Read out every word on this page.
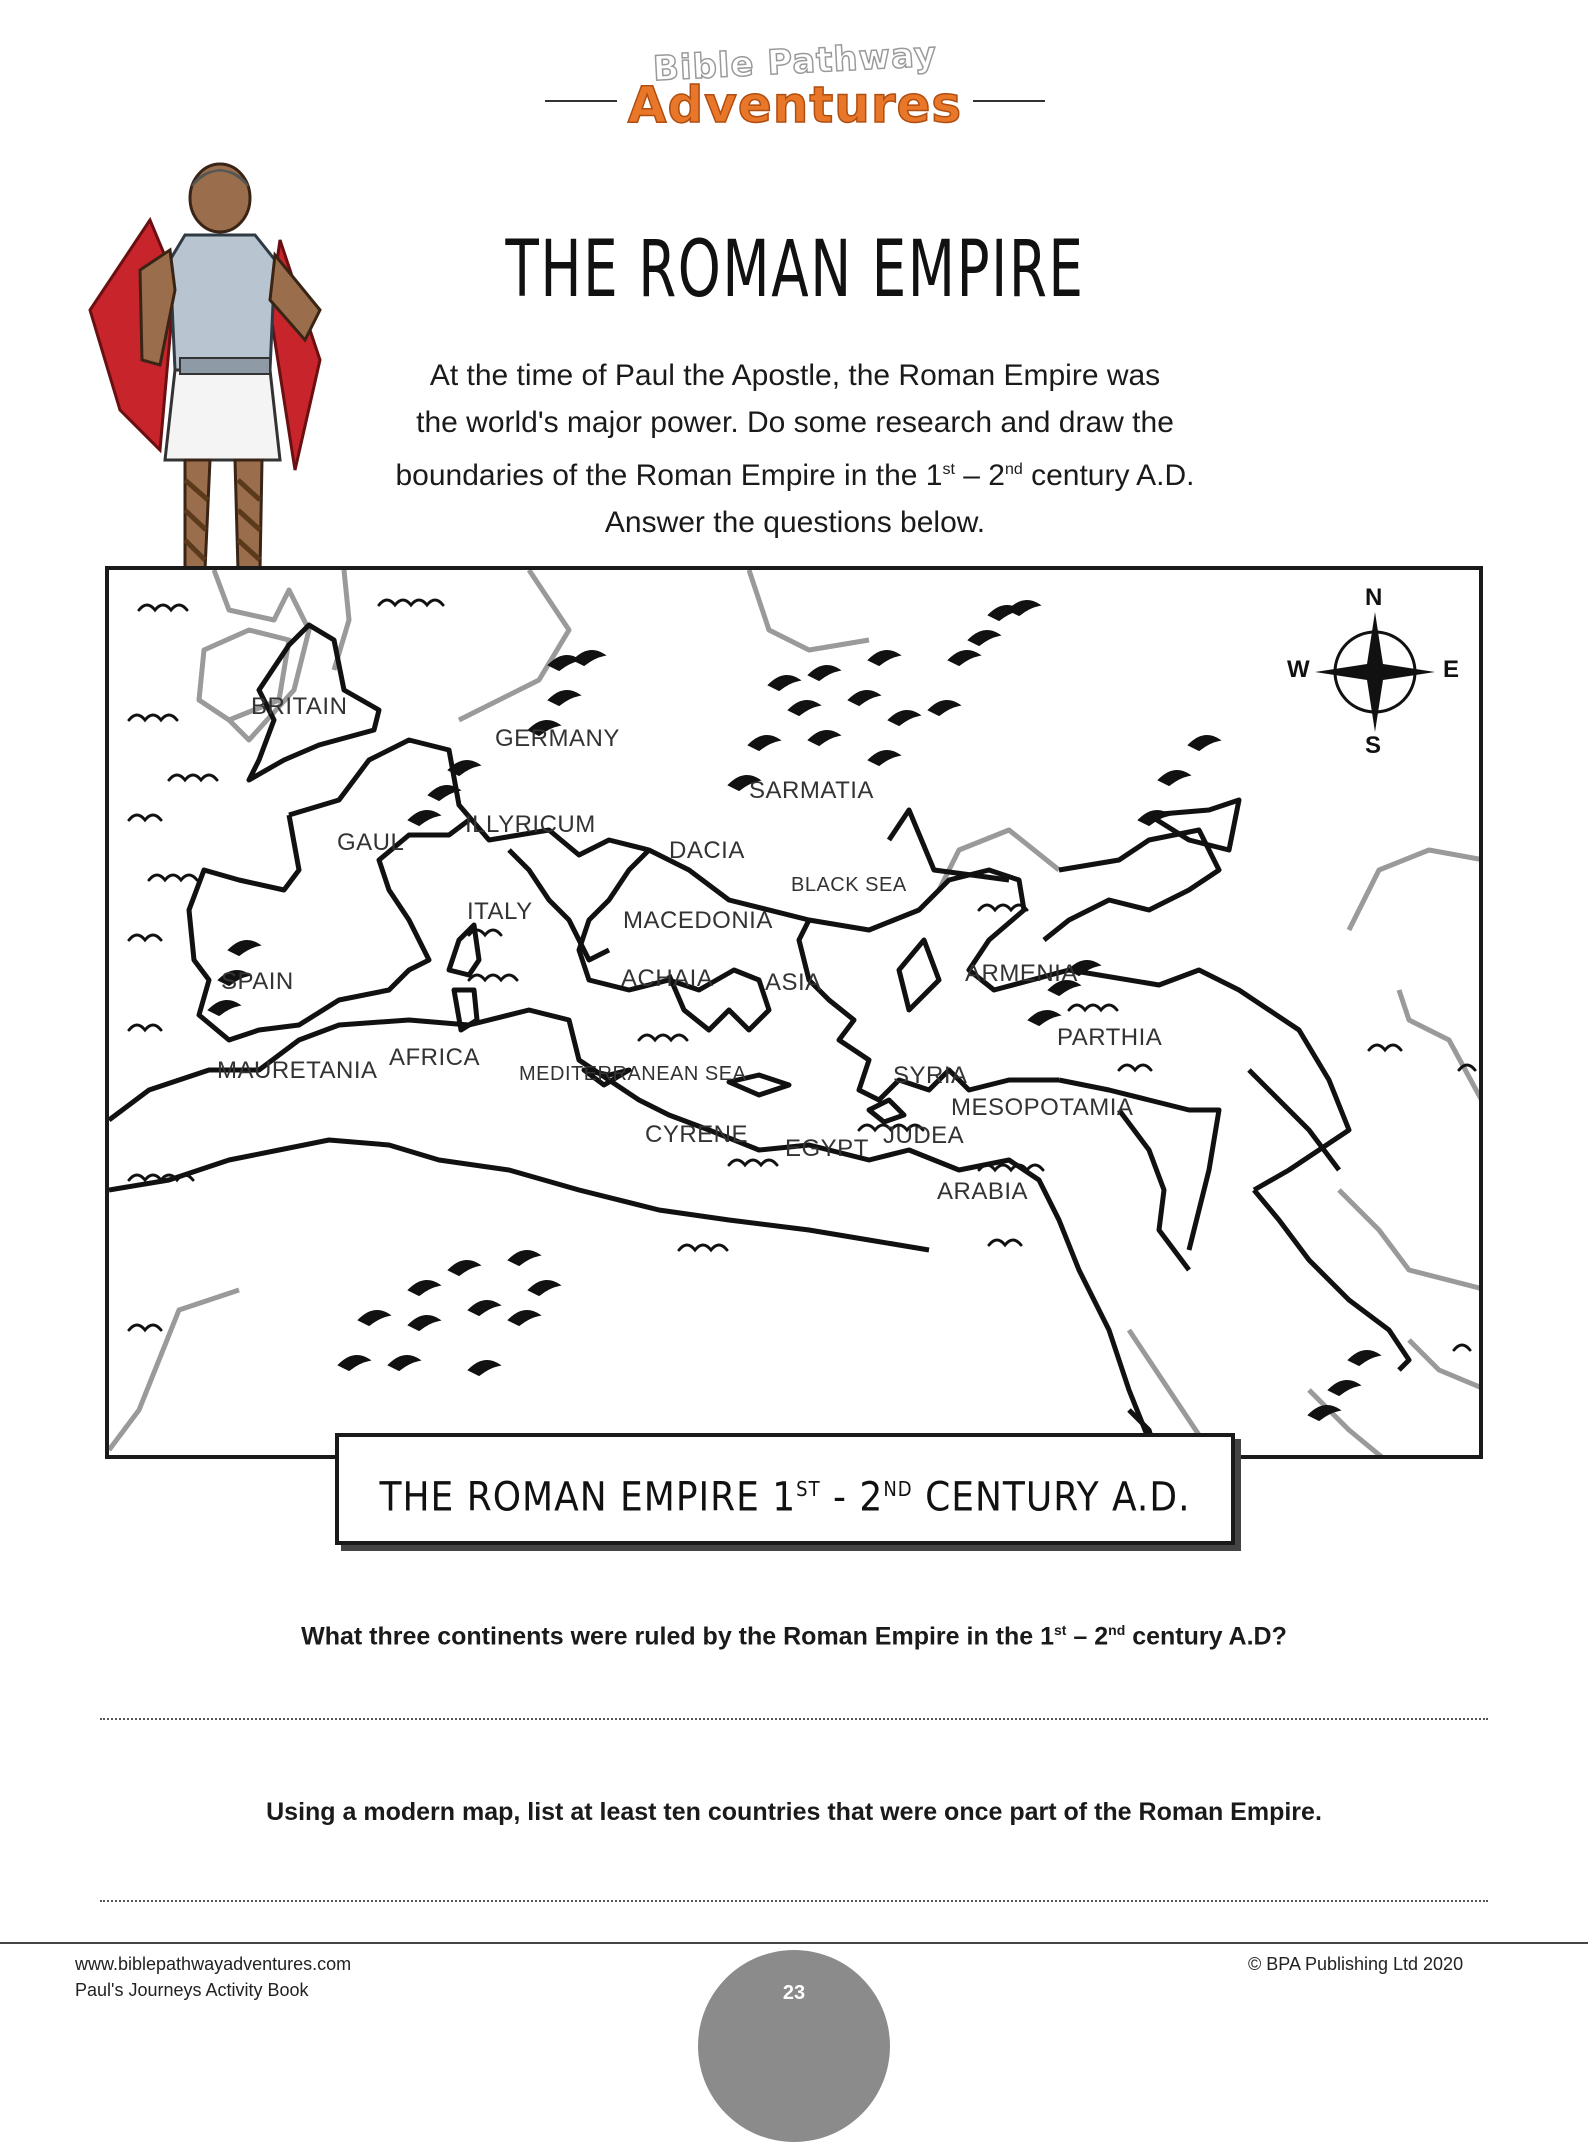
Bible Pathway
Adventures
THE ROMAN EMPIRE
At the time of Paul the Apostle, the Roman Empire was
the world's major power. Do some research and draw the
boundaries of the Roman Empire in the 1st – 2nd century A.D.
Answer the questions below.
N
S
W	E
BRITAIN
GERMANY
SARMATIA
GAUL
ILLYRICUM
DACIA
BLACK SEA
ITALY	MACEDONIA
SPAIN	ACHAIA ASIA	ARMENIA
PARTHIA
MAURETANIA AFRICA
MEDITERRANEAN SEA	SYRIA
MESOPOTAMIA
CYRENE
EGYPT JUDEA
ARABIA
THE ROMAN EMPIRE 1ST - 2ND CENTURY A.D.
What three continents were ruled by the Roman Empire in the 1st – 2nd century A.D?
Using a modern map, list at least ten countries that were once part of the Roman Empire.
www.biblepathwayadventures.com
Paul's Journeys Activity Book
© BPA Publishing Ltd 2020
23
